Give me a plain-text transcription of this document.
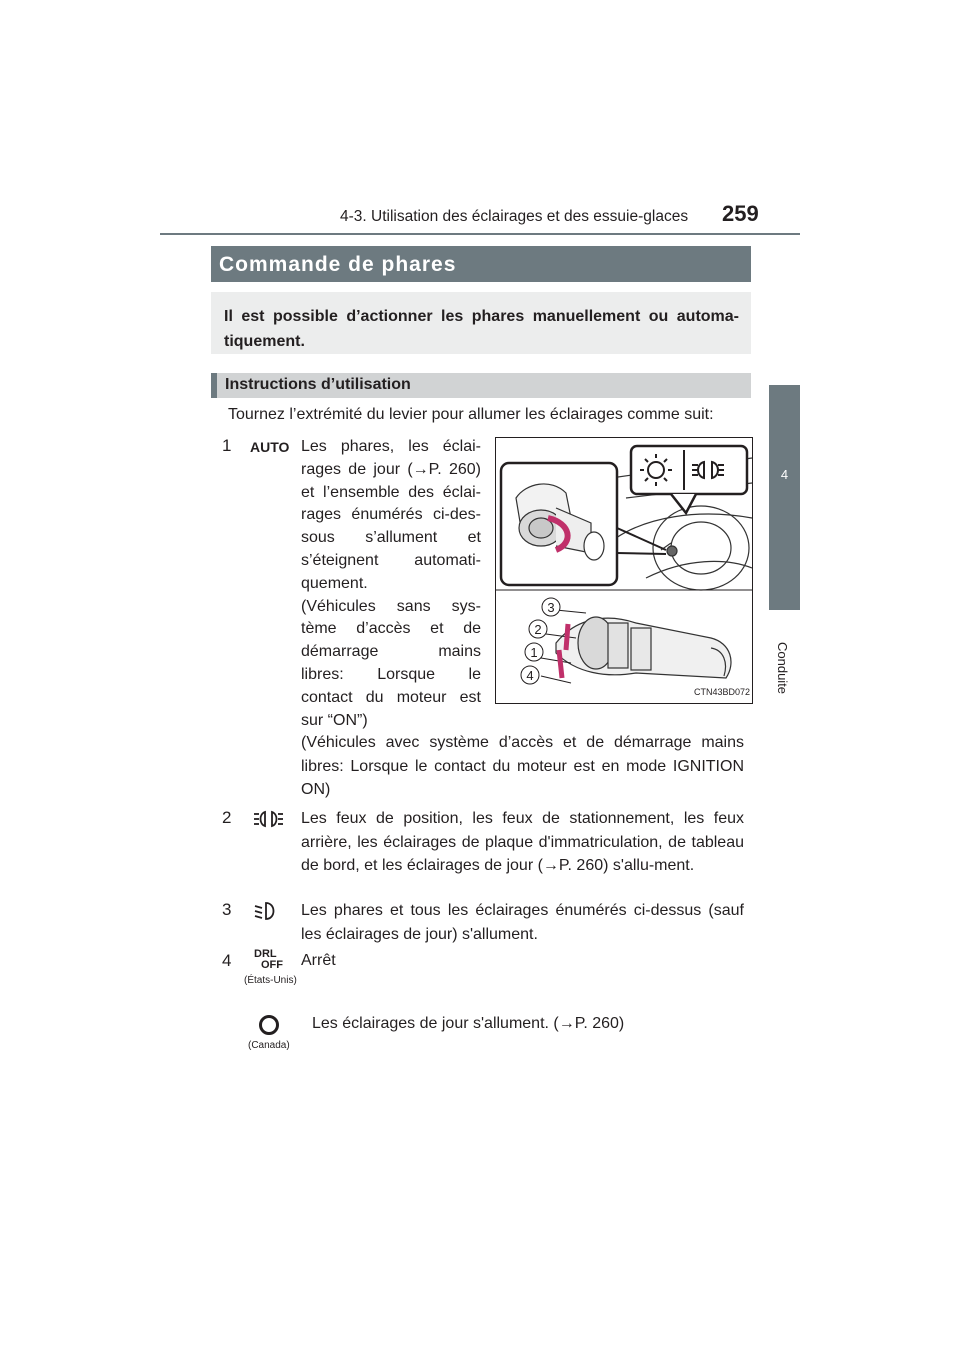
4-3. Utilisation des éclairages et des essuie-glaces 259
4
Conduite
Commande de phares
Il est possible d’actionner les phares manuellement ou automa-tiquement.
Instructions d’utilisation
Tournez l’extrémité du levier pour allumer les éclairages comme suit:
1 AUTO Les phares, les éclai-
rages de jour (→P. 260)
et l’ensemble des éclai-
rages énumérés ci-des-
sous s’allument et
s’éteignent automati-
quement.
(Véhicules sans sys-
tème d’accès et de
démarrage mains
libres: Lorsque le
contact du moteur est
sur “ON”)
3
2
1
4
CTN43BD072
(Véhicules avec système d’accès et de démarrage mains libres: Lorsque le contact du moteur est en mode IGNITION ON)
2	Les feux de position, les feux de stationnement, les feux arrière, les éclairages de plaque d'immatriculation, de tableau de bord, et les éclairages de jour (→P. 260) s'allu-ment.
3	Les phares et tous les éclairages énumérés ci-dessus (sauf les éclairages de jour) s'allument.
4 DRL
OFF
(États-Unis)
Arrêt
(Canada)
Les éclairages de jour s'allument. (→P. 260)
